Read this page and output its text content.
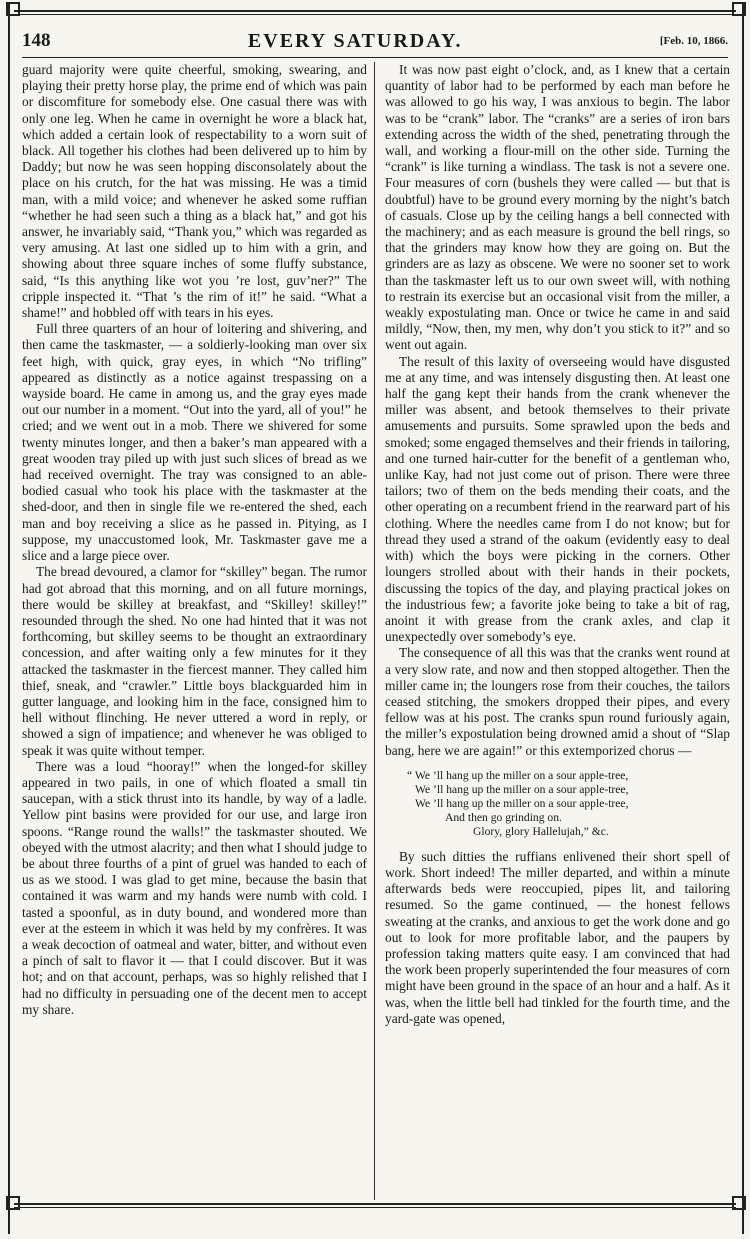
148	EVERY SATURDAY.	[Feb. 10, 1866.

guard majority were quite cheerful, smoking, swearing, and playing their pretty horse play, the prime end of which was pain or discomfiture for somebody else. One casual there was with only one leg. When he came in overnight he wore a black hat, which added a certain look of respectability to a worn suit of black. All together his clothes had been delivered up to him by Daddy; but now he was seen hopping disconsolately about the place on his crutch, for the hat was missing. He was a timid man, with a mild voice; and whenever he asked some ruffian “whether he had seen such a thing as a black hat,” and got his answer, he invariably said, “Thank you,” which was regarded as very amusing. At last one sidled up to him with a grin, and showing about three square inches of some fluffy substance, said, “Is this anything like wot you ’re lost, guv’ner?” The cripple inspected it. “That ’s the rim of it!” he said. “What a shame!” and hobbled off with tears in his eyes.

Full three quarters of an hour of loitering and shivering, and then came the taskmaster, — a soldierly-looking man over six feet high, with quick, gray eyes, in which “No trifling” appeared as distinctly as a notice against trespassing on a wayside board. He came in among us, and the gray eyes made out our number in a moment. “Out into the yard, all of you!” he cried; and we went out in a mob. There we shivered for some twenty minutes longer, and then a baker’s man appeared with a great wooden tray piled up with just such slices of bread as we had received overnight. The tray was consigned to an able-bodied casual who took his place with the taskmaster at the shed-door, and then in single file we re-entered the shed, each man and boy receiving a slice as he passed in. Pitying, as I suppose, my unaccustomed look, Mr. Taskmaster gave me a slice and a large piece over.

The bread devoured, a clamor for “skilley” began. The rumor had got abroad that this morning, and on all future mornings, there would be skilley at breakfast, and “Skilley! skilley!” resounded through the shed. No one had hinted that it was not forthcoming, but skilley seems to be thought an extraordinary concession, and after waiting only a few minutes for it they attacked the taskmaster in the fiercest manner. They called him thief, sneak, and “crawler.” Little boys blackguarded him in gutter language, and looking him in the face, consigned him to hell without flinching. He never uttered a word in reply, or showed a sign of impatience; and whenever he was obliged to speak it was quite without temper.

There was a loud “hooray!” when the longed-for skilley appeared in two pails, in one of which floated a small tin saucepan, with a stick thrust into its handle, by way of a ladle. Yellow pint basins were provided for our use, and large iron spoons. “Range round the walls!” the taskmaster shouted. We obeyed with the utmost alacrity; and then what I should judge to be about three fourths of a pint of gruel was handed to each of us as we stood. I was glad to get mine, because the basin that contained it was warm and my hands were numb with cold. I tasted a spoonful, as in duty bound, and wondered more than ever at the esteem in which it was held by my confrères. It was a weak decoction of oatmeal and water, bitter, and without even a pinch of salt to flavor it — that I could discover. But it was hot; and on that account, perhaps, was so highly relished that I had no difficulty in persuading one of the decent men to accept my share.

It was now past eight o’clock, and, as I knew that a certain quantity of labor had to be performed by each man before he was allowed to go his way, I was anxious to begin. The labor was to be “crank” labor. The “cranks” are a series of iron bars extending across the width of the shed, penetrating through the wall, and working a flour-mill on the other side. Turning the “crank” is like turning a windlass. The task is not a severe one. Four measures of corn (bushels they were called — but that is doubtful) have to be ground every morning by the night’s batch of casuals. Close up by the ceiling hangs a bell connected with the machinery; and as each measure is ground the bell rings, so that the grinders may know how they are going on. But the grinders are as lazy as obscene. We were no sooner set to work than the taskmaster left us to our own sweet will, with nothing to restrain its exercise but an occasional visit from the miller, a weakly expostulating man. Once or twice he came in and said mildly, “Now, then, my men, why don’t you stick to it?” and so went out again.

The result of this laxity of overseeing would have disgusted me at any time, and was intensely disgusting then. At least one half the gang kept their hands from the crank whenever the miller was absent, and betook themselves to their private amusements and pursuits. Some sprawled upon the beds and smoked; some engaged themselves and their friends in tailoring, and one turned hair-cutter for the benefit of a gentleman who, unlike Kay, had not just come out of prison. There were three tailors; two of them on the beds mending their coats, and the other operating on a recumbent friend in the rearward part of his clothing. Where the needles came from I do not know; but for thread they used a strand of the oakum (evidently easy to deal with) which the boys were picking in the corners. Other loungers strolled about with their hands in their pockets, discussing the topics of the day, and playing practical jokes on the industrious few; a favorite joke being to take a bit of rag, anoint it with grease from the crank axles, and clap it unexpectedly over somebody’s eye.

The consequence of all this was that the cranks went round at a very slow rate, and now and then stopped altogether. Then the miller came in; the loungers rose from their couches, the tailors ceased stitching, the smokers dropped their pipes, and every fellow was at his post. The cranks spun round furiously again, the miller’s expostulation being drowned amid a shout of “Slap bang, here we are again!” or this extemporized chorus —

“ We ’ll hang up the miller on a sour apple-tree,
We ’ll hang up the miller on a sour apple-tree,
We ’ll hang up the miller on a sour apple-tree,
And then go grinding on.
Glory, glory Hallelujah,” &c.

By such ditties the ruffians enlivened their short spell of work. Short indeed! The miller departed, and within a minute afterwards beds were reoccupied, pipes lit, and tailoring resumed. So the game continued, — the honest fellows sweating at the cranks, and anxious to get the work done and go out to look for more profitable labor, and the paupers by profession taking matters quite easy. I am convinced that had the work been properly superintended the four measures of corn might have been ground in the space of an hour and a half. As it was, when the little bell had tinkled for the fourth time, and the yard-gate was opened,
